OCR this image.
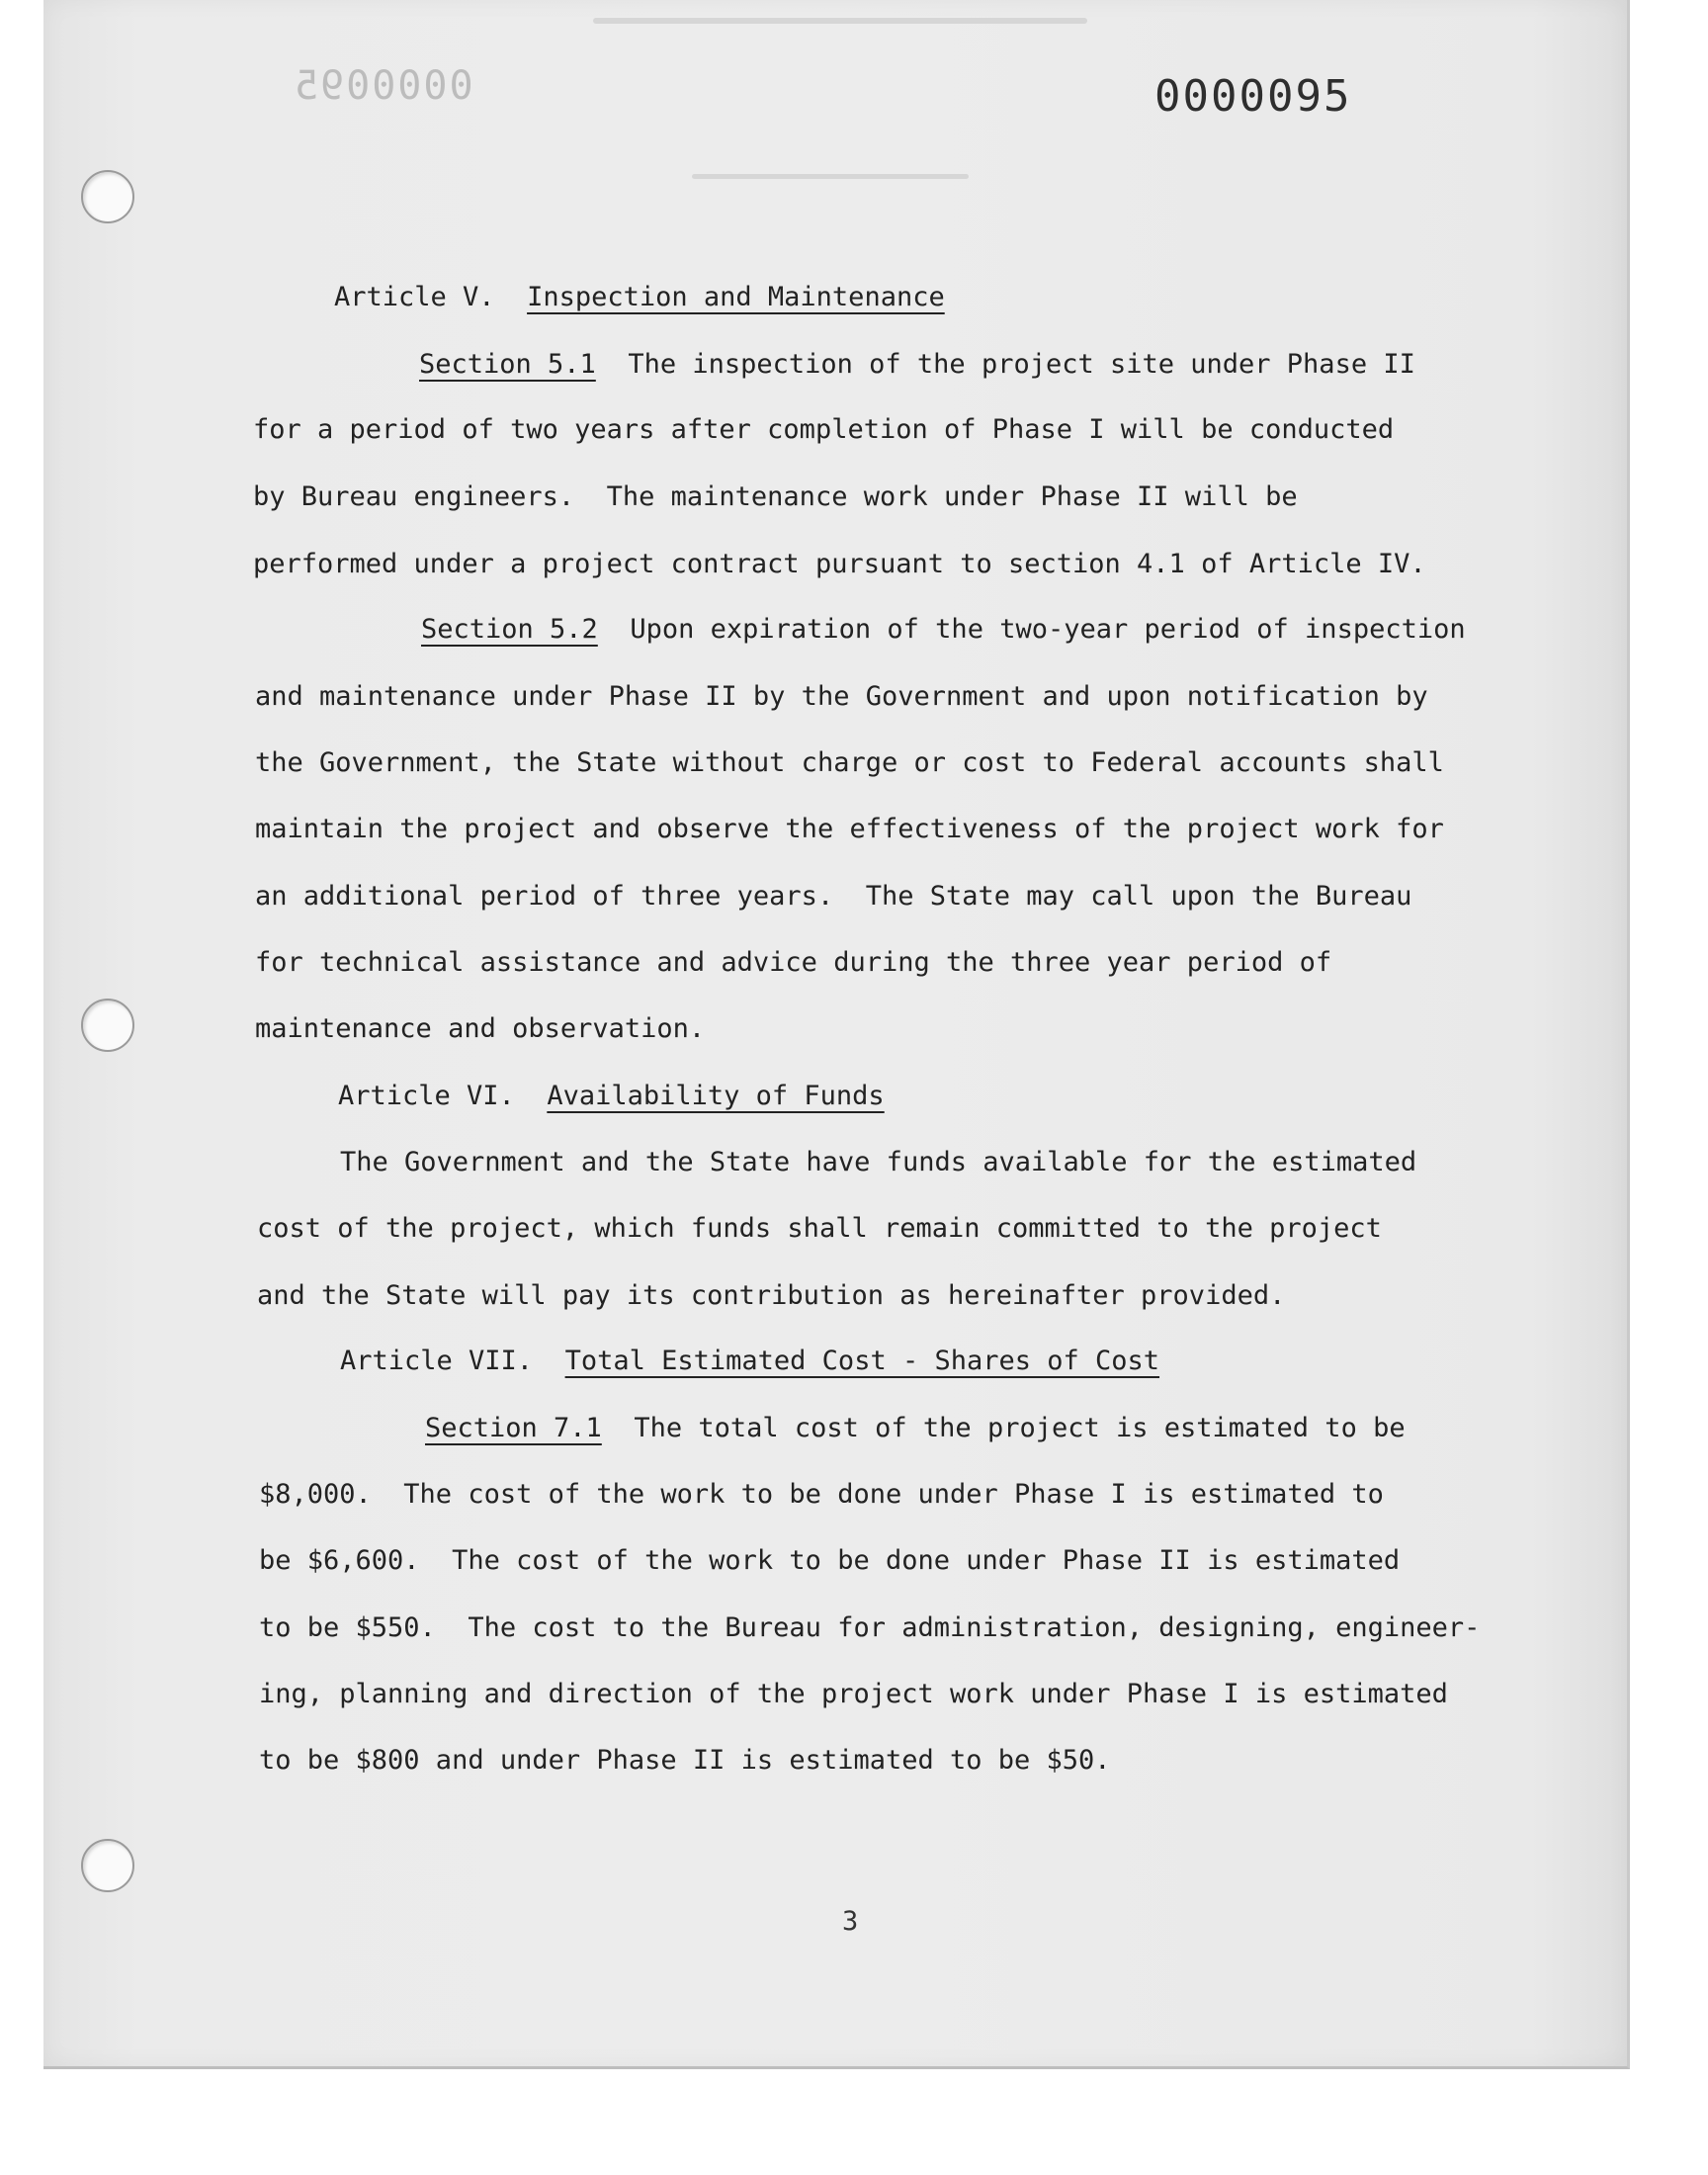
0000095	0000095
Article V. Inspection and Maintenance
Section 5.1 The inspection of the project site under Phase II
for a period of two years after completion of Phase I will be conducted
by Bureau engineers.  The maintenance work under Phase II will be
performed under a project contract pursuant to section 4.1 of Article IV.
Section 5.2 Upon expiration of the two-year period of inspection
and maintenance under Phase II by the Government and upon notification by
the Government, the State without charge or cost to Federal accounts shall
maintain the project and observe the effectiveness of the project work for
an additional period of three years.  The State may call upon the Bureau
for technical assistance and advice during the three year period of
maintenance and observation.
Article VI. Availability of Funds
The Government and the State have funds available for the estimated
cost of the project, which funds shall remain committed to the project
and the State will pay its contribution as hereinafter provided.
Article VII. Total Estimated Cost - Shares of Cost
Section 7.1 The total cost of the project is estimated to be
$8,000.  The cost of the work to be done under Phase I is estimated to
be $6,600.  The cost of the work to be done under Phase II is estimated
to be $550.  The cost to the Bureau for administration, designing, engineer-
ing, planning and direction of the project work under Phase I is estimated
to be $800 and under Phase II is estimated to be $50.
3
